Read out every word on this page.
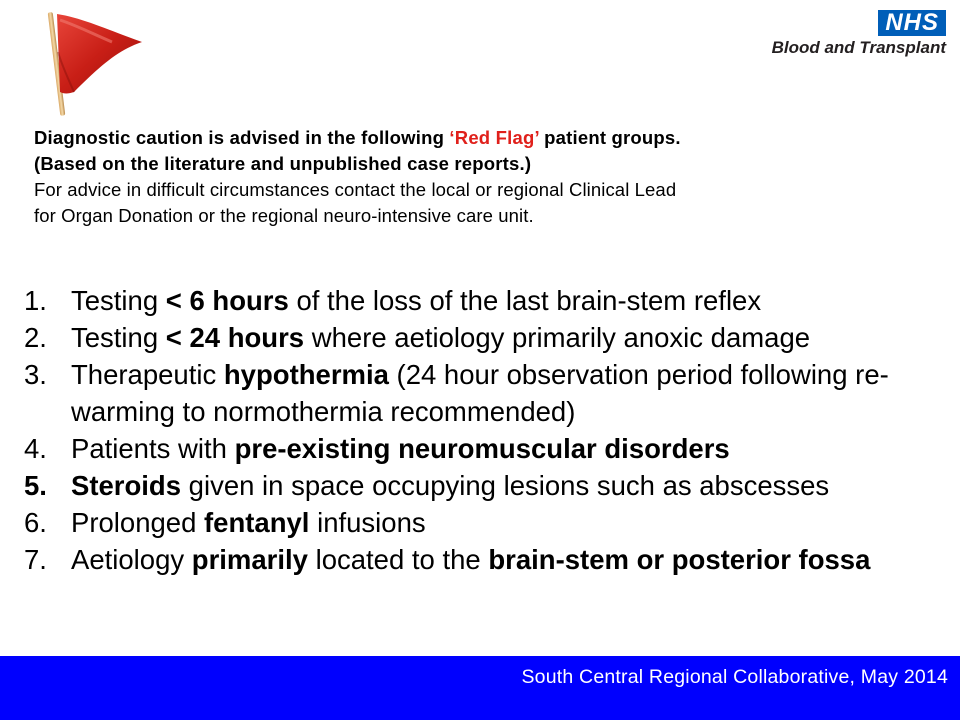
NHS
Blood and Transplant
Diagnostic caution is advised in the following ‘Red Flag’ patient groups.
(Based on the literature and unpublished case reports.)
For advice in difficult circumstances contact the local or regional Clinical Lead
for Organ Donation or the regional neuro-intensive care unit.
1. Testing < 6 hours of the loss of the last brain-stem reflex
2. Testing < 24 hours where aetiology primarily anoxic damage
3. Therapeutic hypothermia (24 hour observation period following re-warming to normothermia recommended)
4. Patients with pre-existing neuromuscular disorders
5. Steroids given in space occupying lesions such as abscesses
6. Prolonged fentanyl infusions
7. Aetiology primarily located to the brain-stem or posterior fossa
South Central Regional Collaborative, May 2014
